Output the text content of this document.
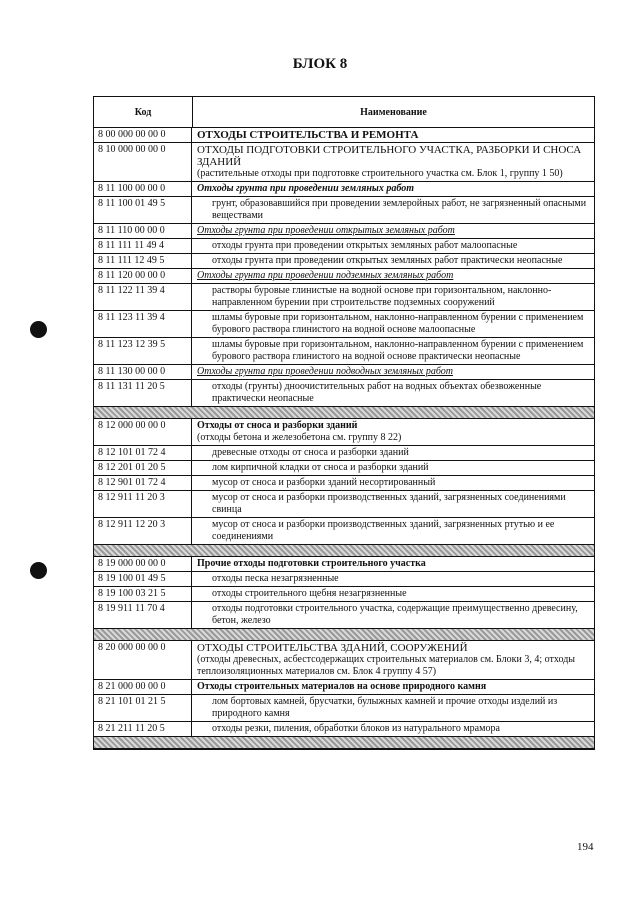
БЛОК 8
Код	Наименование
8 00 000 00 00 0	ОТХОДЫ СТРОИТЕЛЬСТВА И РЕМОНТА
8 10 000 00 00 0	ОТХОДЫ ПОДГОТОВКИ СТРОИТЕЛЬНОГО УЧАСТКА, РАЗБОРКИ И СНОСА ЗДАНИЙ
(растительные отходы при подготовке строительного участка см. Блок 1, группу 1 50)
8 11 100 00 00 0	Отходы грунта при проведении земляных работ
8 11 100 01 49 5	грунт, образовавшийся при проведении землеройных работ, не загрязненный опасными веществами
8 11 110 00 00 0	Отходы грунта при проведении открытых земляных работ
8 11 111 11 49 4	отходы грунта при проведении открытых земляных работ малоопасные
8 11 111 12 49 5	отходы грунта при проведении открытых земляных работ практически неопасные
8 11 120 00 00 0	Отходы грунта при проведении подземных земляных работ
8 11 122 11 39 4	растворы буровые глинистые на водной основе при горизонтальном, наклонно-направленном бурении при строительстве подземных сооружений
8 11 123 11 39 4	шламы буровые при горизонтальном, наклонно-направленном бурении с применением бурового раствора глинистого на водной основе малоопасные
8 11 123 12 39 5	шламы буровые при горизонтальном, наклонно-направленном бурении с применением бурового раствора глинистого на водной основе практически неопасные
8 11 130 00 00 0	Отходы грунта при проведении подводных земляных работ
8 11 131 11 20 5	отходы (грунты) дноочистительных работ на водных объектах обезвоженные практически неопасные
8 12 000 00 00 0	Отходы от сноса и разборки зданий
(отходы бетона и железобетона см. группу 8 22)
8 12 101 01 72 4	древесные отходы от сноса и разборки зданий
8 12 201 01 20 5	лом кирпичной кладки от сноса и разборки зданий
8 12 901 01 72 4	мусор от сноса и разборки зданий несортированный
8 12 911 11 20 3	мусор от сноса и разборки производственных зданий, загрязненных соединениями свинца
8 12 911 12 20 3	мусор от сноса и разборки производственных зданий, загрязненных ртутью и ее соединениями
8 19 000 00 00 0	Прочие отходы подготовки строительного участка
8 19 100 01 49 5	отходы песка незагрязненные
8 19 100 03 21 5	отходы строительного щебня незагрязненные
8 19 911 11 70 4	отходы подготовки строительного участка, содержащие преимущественно древесину, бетон, железо
8 20 000 00 00 0	ОТХОДЫ СТРОИТЕЛЬСТВА ЗДАНИЙ, СООРУЖЕНИЙ
(отходы древесных, асбестсодержащих строительных материалов см. Блоки 3, 4; отходы теплоизоляционных материалов см. Блок 4 группу 4 57)
8 21 000 00 00 0	Отходы строительных материалов на основе природного камня
8 21 101 01 21 5	лом бортовых камней, брусчатки, булыжных камней и прочие отходы изделий из природного камня
8 21 211 11 20 5	отходы резки, пиления, обработки блоков из натурального мрамора
194
